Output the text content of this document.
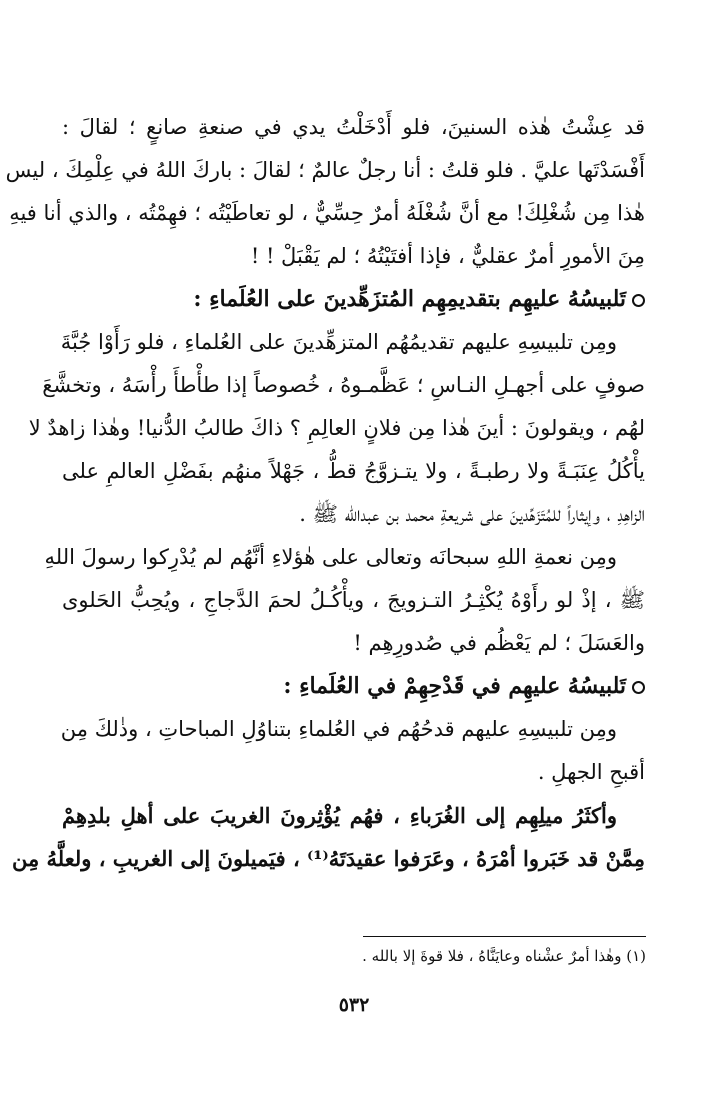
قد عِشْتُ هٰذه السنينَ، فلو أَدْخَلْتُ يدي في صنعةِ صانعٍ ؛ لقالَ :
أَفْسَدْتَها عليَّ . فلو قلتُ : أنا رجلٌ عالمٌ ؛ لقالَ : باركَ اللهُ في عِلْمِكَ ، ليس
هٰذا مِن شُغْلِكَ! مع أنَّ شُغْلَهُ أمرٌ حِسِّيٌّ ، لو تعاطَيْتُه ؛ فهِمْتُه ، والذي أنا فيهِ
مِنَ الأمورِ أمرٌ عقليٌّ ، فإذا أفتَيْتُهُ ؛ لم يَقْبَلْ ! !
تَلبيسُهُ عليهِم بتقديمِهِم المُتزَهِّدينَ على العُلَماءِ :
ومِن تلبيسِهِ عليهم تقديمُهُم المتزهِّدينَ على العُلماءِ ، فلو رَأَوْا جُبَّةَ
صوفٍ على أجهـلِ النـاسِ ؛ عَظَّمـوهُ ، خُصوصاً إذا طأْطأَ رأْسَهُ ، وتخشَّعَ
لهُم ، ويقولونَ : أينَ هٰذا مِن فلانٍ العالِمِ ؟ ذاكَ طالبُ الدُّنيا! وهٰذا زاهدٌ لا
يأْكُلُ عِنَبَـةً ولا رطبـةً ، ولا يتـزوَّجُ قطُّ ، جَهْلاً منهُم بفَضْلِ العالمِ على
الزاهِدِ ، وإيثاراً للمُتَزَهِّدينَ على شريعةِ محمد بن عبدالله ﷺ .
ومِن نعمةِ اللهِ سبحانَه وتعالى على هٰؤلاءِ أنَّهُم لم يُدْرِكوا رسولَ اللهِ
ﷺ ، إذْ لو رأَوْهُ يُكْثِـرُ التـزويجَ ، ويأْكُـلُ لحمَ الدَّجاجِ ، ويُحِبُّ الحَلوى
والعَسَلَ ؛ لم يَعْظُم في صُدورِهِم !
تَلبيسُهُ عليهِم في قَدْحِهِمْ في العُلَماءِ :
ومِن تلبيسِهِ عليهم قدحُهُم في العُلماءِ بتناوُلِ المباحاتِ ، وذٰلكَ مِن
أقبحِ الجهلِ .
وأكثَرُ ميلِهِم إلى الغُرَباءِ ، فهُم يُؤْثِرونَ الغريبَ على أهلِ بلدِهِمْ
مِمَّنْ قد خَبَروا أمْرَهُ ، وعَرَفوا عقيدَتَهُ⁽¹⁾ ، فيَميلونَ إلى الغريبِ ، ولعلَّهُ مِن
(١) وهٰذا أمرٌ عشْناه وعايَنَّاهُ ، فلا قوةَ إلا بالله .
٥٣٢
